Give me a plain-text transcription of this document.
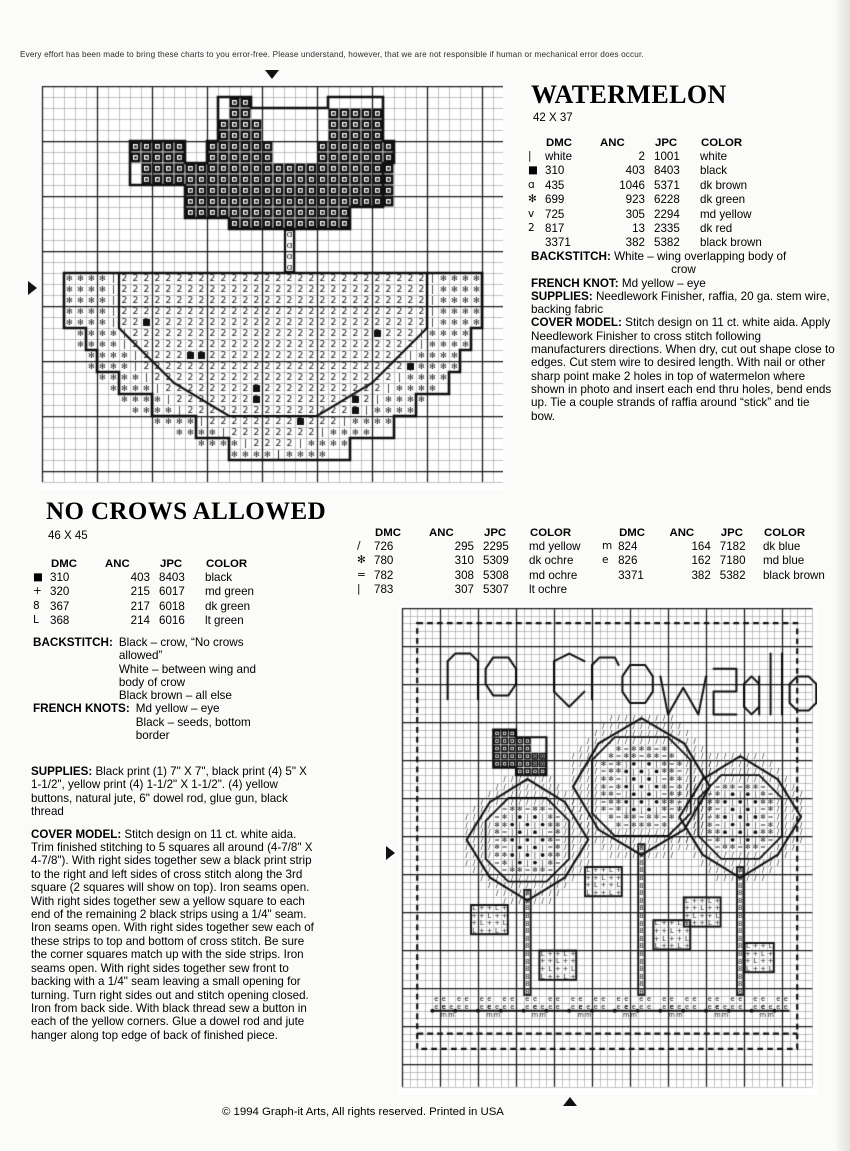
Every effort has been made to bring these charts to you error-free. Please understand, however, that we are not responsible if human or mechanical error does occur.
WATERMELON
42 X 37
	DMC	ANC	JPC	COLOR
|	white	2	1001	white
■	310	403	8403	black
ɑ	435	1046	5371	dk brown
✻	699	923	6228	dk green
v	725	305	2294	md yellow
2	817	13	2335	dk red
	3371	382	5382	black brown

BACKSTITCH: White – wing overlapping body of

crow

FRENCH KNOT: Md yellow – eye

SUPPLIES: Needlework Finisher, raffia, 20 ga. stem wire, backing fabric

COVER MODEL: Stitch design on 11 ct. white aida. Apply Needlework Finisher to cross stitch following manufacturers directions. When dry, cut out shape close to edges. Cut stem wire to desired length. With nail or other sharp point make 2 holes in top of watermelon where shown in photo and insert each end thru holes, bend ends up. Tie a couple strands of raffia around “stick” and tie bow.

NO CROWS ALLOWED
46 X 45
	DMC	ANC	JPC	COLOR
■	310	403	8403	black
+	320	215	6017	md green
8	367	217	6018	dk green
L	368	214	6016	lt green
	DMC	ANC	JPC	COLOR
/	726	295	2295	md yellow
✻	780	310	5309	dk ochre
=	782	308	5308	md ochre
|	783	307	5307	lt ochre
	DMC	ANC	JPC	COLOR
m	824	164	7182	dk blue
e	826	162	7180	md blue
	3371	382	5382	black brown
BACKSTITCH: Black – crow, “No crows
allowed”
White – between wing and
body of crow
Black brown – all else
FRENCH KNOTS: Md yellow – eye
Black – seeds, bottom
border

SUPPLIES: Black print (1) 7" X 7", black print (4) 5" X 1-1/2", yellow print (4) 1-1/2" X 1-1/2". (4) yellow buttons, natural jute, 6" dowel rod, glue gun, black thread

COVER MODEL: Stitch design on 11 ct. white aida. Trim finished stitching to 5 squares all around (4-7/8" X 4-7/8"). With right sides together sew a black print strip to the right and left sides of cross stitch along the 3rd square (2 squares will show on top). Iron seams open. With right sides together sew a yellow square to each end of the remaining 2 black strips using a 1/4" seam. Iron seams open. With right sides together sew each of these strips to top and bottom of cross stitch. Be sure the corner squares match up with the side strips. Iron seams open. With right sides together sew front to backing with a 1/4" seam leaving a small opening for turning. Turn right sides out and stitch opening closed. Iron from back side. With black thread sew a button in each of the yellow corners. Glue a dowel rod and jute hanger along top edge of back of finished piece.

© 1994 Graph-it Arts, All rights reserved. Printed in USA
